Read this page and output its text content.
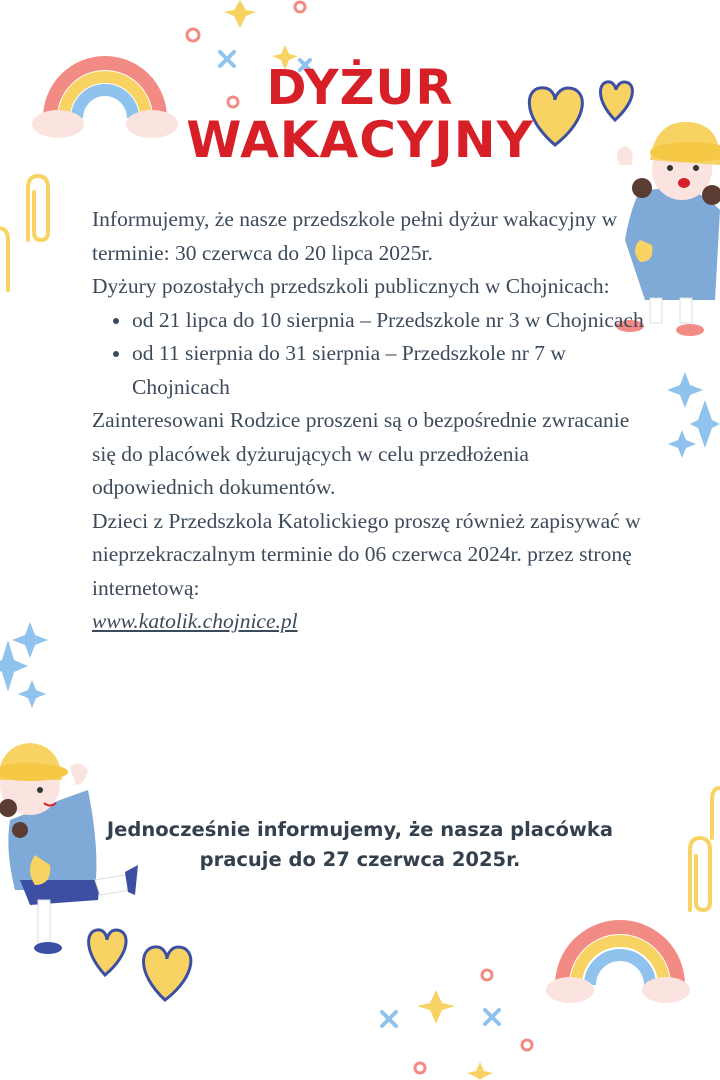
DYŻUR
WAKACYJNY

Informujemy, że nasze przedszkole pełni dyżur wakacyjny w terminie: 30 czerwca do 20 lipca 2025r.

Dyżury pozostałych przedszkoli publicznych w Chojnicach:

• od 21 lipca do 10 sierpnia – Przedszkole nr 3 w Chojnicach
• od 11 sierpnia do 31 sierpnia – Przedszkole nr 7 w Chojnicach

Zainteresowani Rodzice proszeni są o bezpośrednie zwracanie się do placówek dyżurujących w celu przedłożenia odpowiednich dokumentów.

Dzieci z Przedszkola Katolickiego proszę również zapisywać w nieprzekraczalnym terminie do 06 czerwca 2024r. przez stronę internetową:

www.katolik.chojnice.pl

Jednocześnie informujemy, że nasza placówka pracuje do 27 czerwca 2025r.
